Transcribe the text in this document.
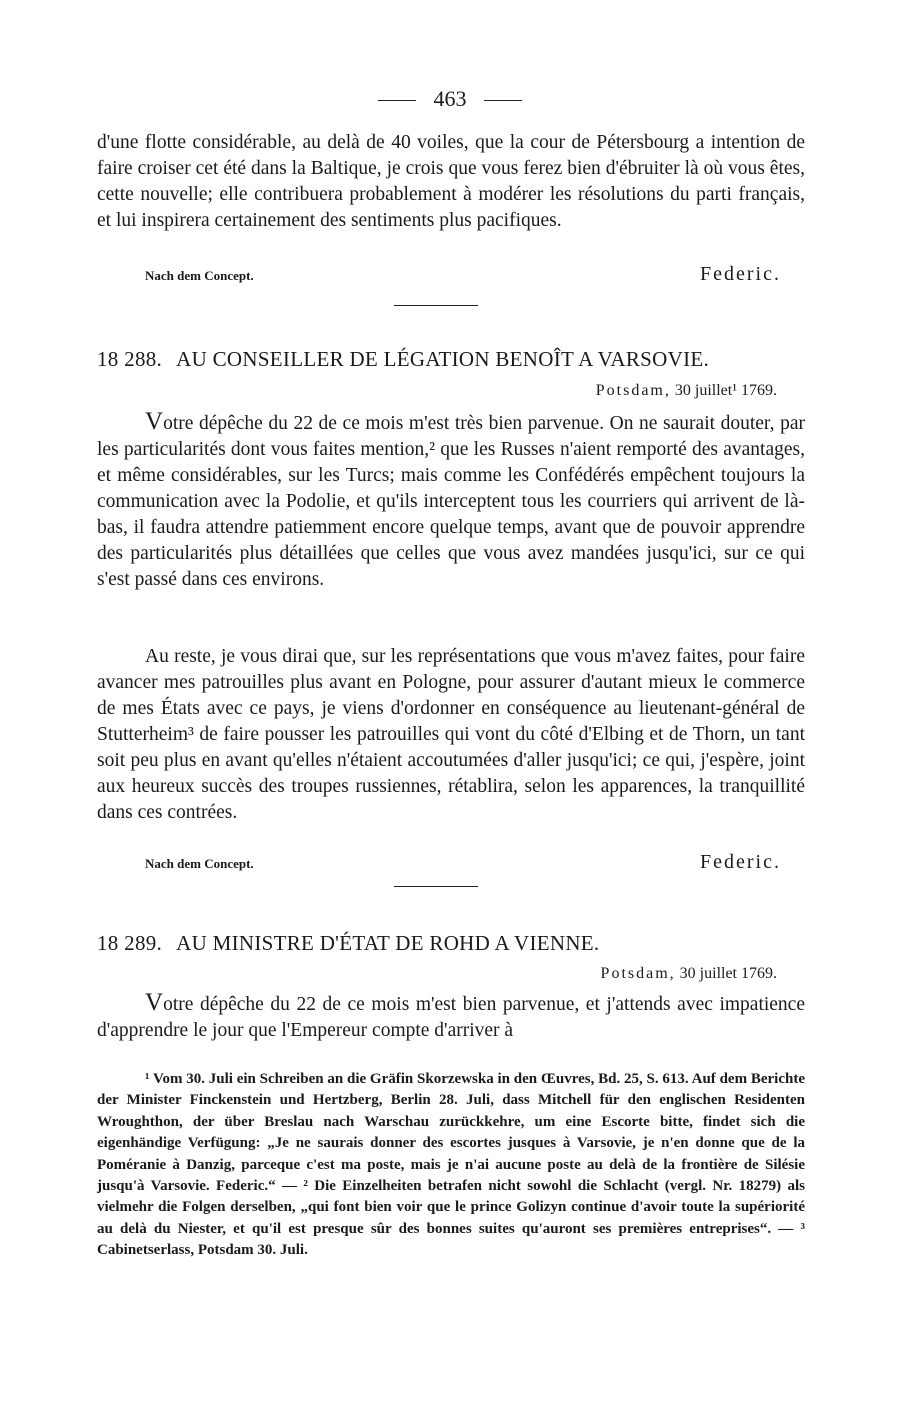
463

d'une flotte considérable, au delà de 40 voiles, que la cour de Pétersbourg a intention de faire croiser cet été dans la Baltique, je crois que vous ferez bien d'ébruiter là où vous êtes, cette nouvelle; elle contribuera probablement à modérer les résolutions du parti français, et lui inspirera certainement des sentiments plus pacifiques.

Nach dem Concept.	Federic.
18 288. AU CONSEILLER DE LÉGATION BENOÎT A VARSOVIE.
Potsdam, 30 juillet¹ 1769.

Votre dépêche du 22 de ce mois m'est très bien parvenue. On ne saurait douter, par les particularités dont vous faites mention,² que les Russes n'aient remporté des avantages, et même considérables, sur les Turcs; mais comme les Confédérés empêchent toujours la communication avec la Podolie, et qu'ils interceptent tous les courriers qui arrivent de là-bas, il faudra attendre patiemment encore quelque temps, avant que de pouvoir apprendre des particularités plus détaillées que celles que vous avez mandées jusqu'ici, sur ce qui s'est passé dans ces environs.

Au reste, je vous dirai que, sur les représentations que vous m'avez faites, pour faire avancer mes patrouilles plus avant en Pologne, pour assurer d'autant mieux le commerce de mes États avec ce pays, je viens d'ordonner en conséquence au lieutenant-général de Stutterheim³ de faire pousser les patrouilles qui vont du côté d'Elbing et de Thorn, un tant soit peu plus en avant qu'elles n'étaient accoutumées d'aller jusqu'ici; ce qui, j'espère, joint aux heureux succès des troupes russiennes, rétablira, selon les apparences, la tranquillité dans ces contrées.

Nach dem Concept.	Federic.
18 289. AU MINISTRE D'ÉTAT DE ROHD A VIENNE.
Potsdam, 30 juillet 1769.

Votre dépêche du 22 de ce mois m'est bien parvenue, et j'attends avec impatience d'apprendre le jour que l'Empereur compte d'arriver à

¹ Vom 30. Juli ein Schreiben an die Gräfin Skorzewska in den Œuvres, Bd. 25, S. 613. Auf dem Berichte der Minister Finckenstein und Hertzberg, Berlin 28. Juli, dass Mitchell für den englischen Residenten Wroughthon, der über Breslau nach Warschau zurückkehre, um eine Escorte bitte, findet sich die eigenhändige Verfügung: „Je ne saurais donner des escortes jusques à Varsovie, je n'en donne que de la Poméranie à Danzig, parceque c'est ma poste, mais je n'ai aucune poste au delà de la frontière de Silésie jusqu'à Varsovie. Federic.“ — ² Die Einzelheiten betrafen nicht sowohl die Schlacht (vergl. Nr. 18279) als vielmehr die Folgen derselben, „qui font bien voir que le prince Golizyn continue d'avoir toute la supériorité au delà du Niester, et qu'il est presque sûr des bonnes suites qu'auront ses premières entreprises“. — ³ Cabinetserlass, Potsdam 30. Juli.
